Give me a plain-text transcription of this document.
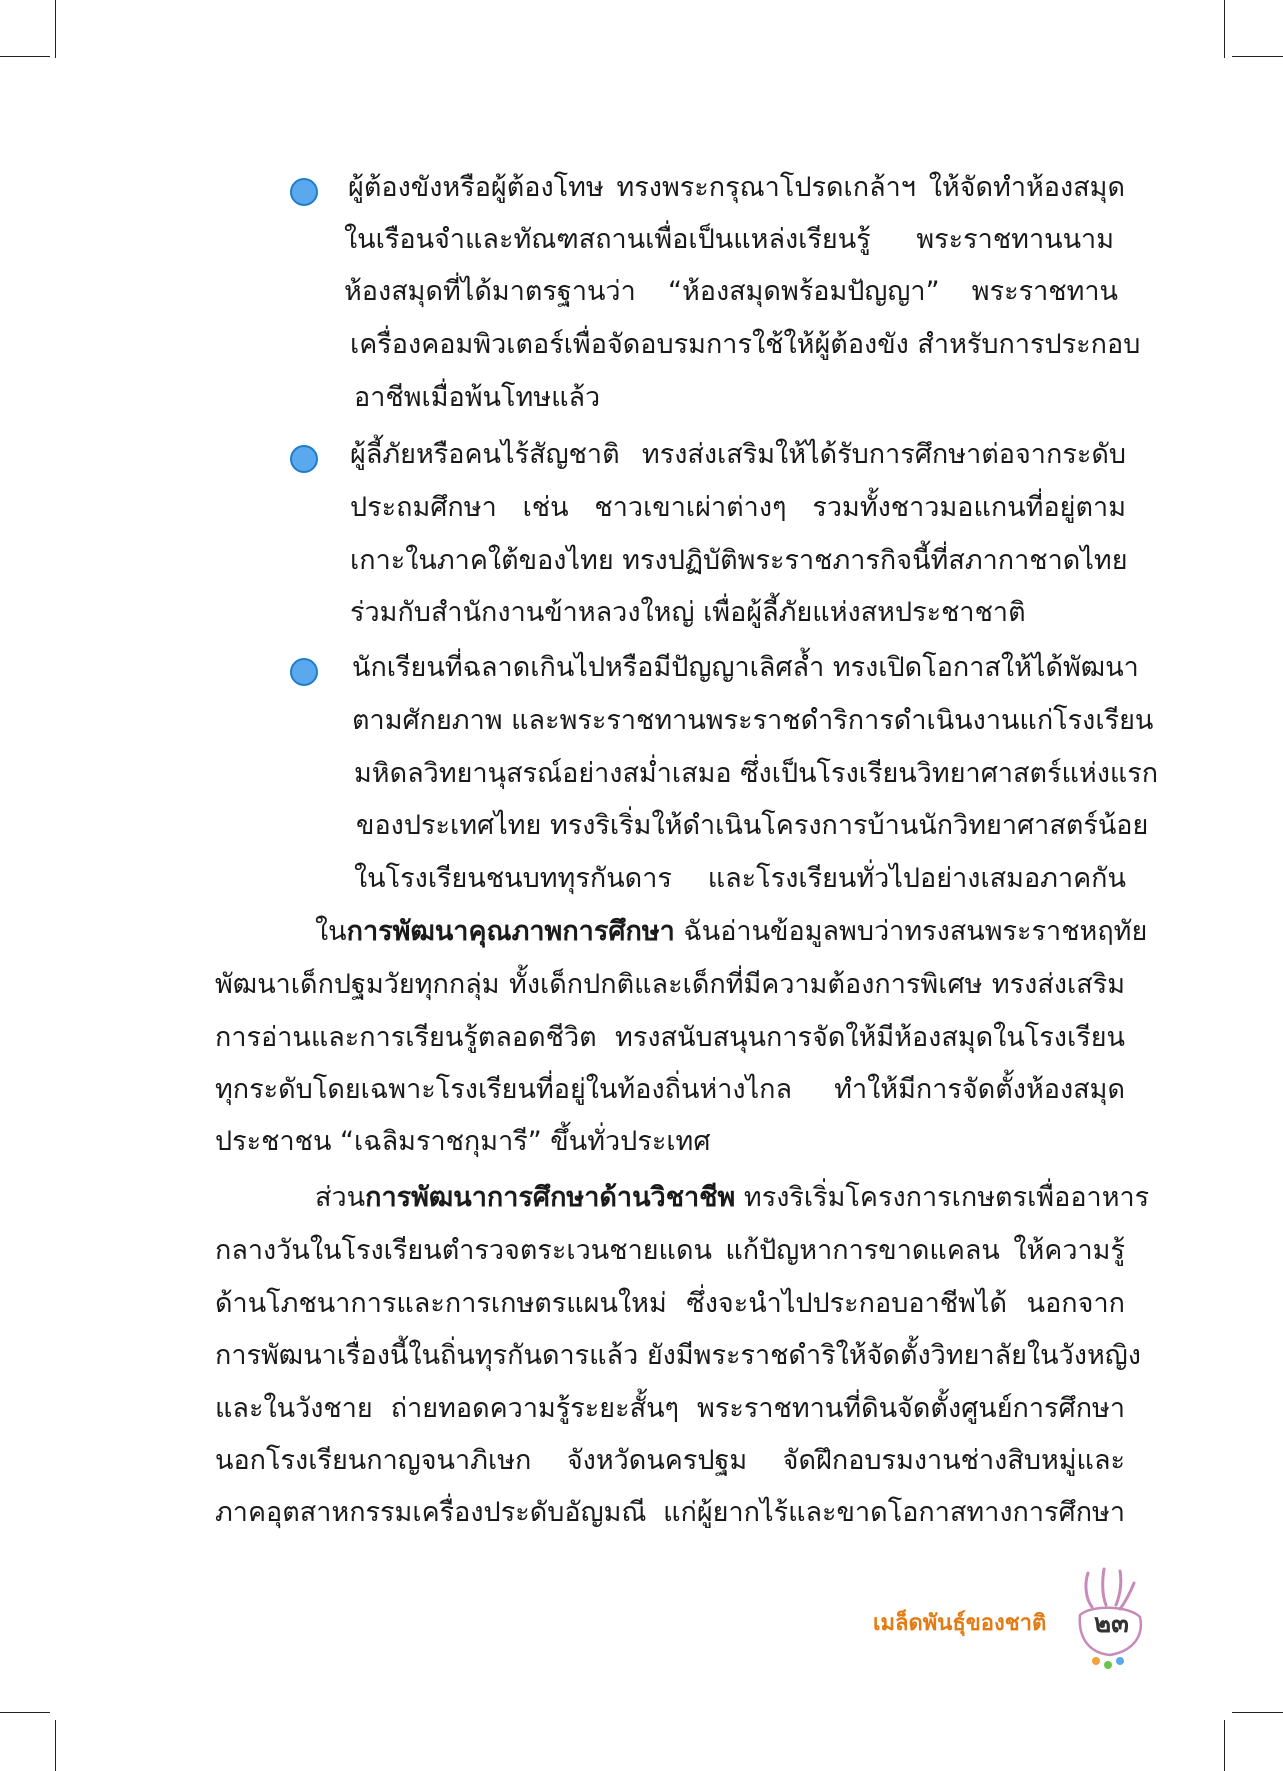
ผู้ต้องขังหรือผู้ต้องโทษ ทรงพระกรุณาโปรดเกล้าฯ ให้จัดทำห้องสมุด
ในเรือนจำและทัณฑสถานเพื่อเป็นแหล่งเรียนรู้ พระราชทานนาม
ห้องสมุดที่ได้มาตรฐานว่า “ห้องสมุดพร้อมปัญญา” พระราชทาน
เครื่องคอมพิวเตอร์เพื่อจัดอบรมการใช้ให้ผู้ต้องขัง สำหรับการประกอบ
อาชีพเมื่อพ้นโทษแล้ว
ผู้ลี้ภัยหรือคนไร้สัญชาติ ทรงส่งเสริมให้ได้รับการศึกษาต่อจากระดับ
ประถมศึกษา เช่น ชาวเขาเผ่าต่างๆ รวมทั้งชาวมอแกนที่อยู่ตาม
เกาะในภาคใต้ของไทย ทรงปฏิบัติพระราชภารกิจนี้ที่สภากาชาดไทย
ร่วมกับสำนักงานข้าหลวงใหญ่ เพื่อผู้ลี้ภัยแห่งสหประชาชาติ
นักเรียนที่ฉลาดเกินไปหรือมีปัญญาเลิศล้ำ ทรงเปิดโอกาสให้ได้พัฒนา
ตามศักยภาพ และพระราชทานพระราชดำริการดำเนินงานแก่โรงเรียน
มหิดลวิทยานุสรณ์อย่างสม่ำเสมอ ซึ่งเป็นโรงเรียนวิทยาศาสตร์แห่งแรก
ของประเทศไทย ทรงริเริ่มให้ดำเนินโครงการบ้านนักวิทยาศาสตร์น้อย
ในโรงเรียนชนบททุรกันดาร และโรงเรียนทั่วไปอย่างเสมอภาคกัน
ในการพัฒนาคุณภาพการศึกษา ฉันอ่านข้อมูลพบว่าทรงสนพระราชหฤทัย
พัฒนาเด็กปฐมวัยทุกกลุ่ม ทั้งเด็กปกติและเด็กที่มีความต้องการพิเศษ ทรงส่งเสริม
การอ่านและการเรียนรู้ตลอดชีวิต ทรงสนับสนุนการจัดให้มีห้องสมุดในโรงเรียน
ทุกระดับโดยเฉพาะโรงเรียนที่อยู่ในท้องถิ่นห่างไกล ทำให้มีการจัดตั้งห้องสมุด
ประชาชน “เฉลิมราชกุมารี” ขึ้นทั่วประเทศ
ส่วนการพัฒนาการศึกษาด้านวิชาชีพ ทรงริเริ่มโครงการเกษตรเพื่ออาหาร
กลางวันในโรงเรียนตำรวจตระเวนชายแดน แก้ปัญหาการขาดแคลน ให้ความรู้
ด้านโภชนาการและการเกษตรแผนใหม่ ซึ่งจะนำไปประกอบอาชีพได้ นอกจาก
การพัฒนาเรื่องนี้ในถิ่นทุรกันดารแล้ว ยังมีพระราชดำริให้จัดตั้งวิทยาลัยในวังหญิง
และในวังชาย ถ่ายทอดความรู้ระยะสั้นๆ พระราชทานที่ดินจัดตั้งศูนย์การศึกษา
นอกโรงเรียนกาญจนาภิเษก จังหวัดนครปฐม จัดฝึกอบรมงานช่างสิบหมู่และ
ภาคอุตสาหกรรมเครื่องประดับอัญมณี แก่ผู้ยากไร้และขาดโอกาสทางการศึกษา
เมล็ดพันธุ์ของชาติ ๒๓
